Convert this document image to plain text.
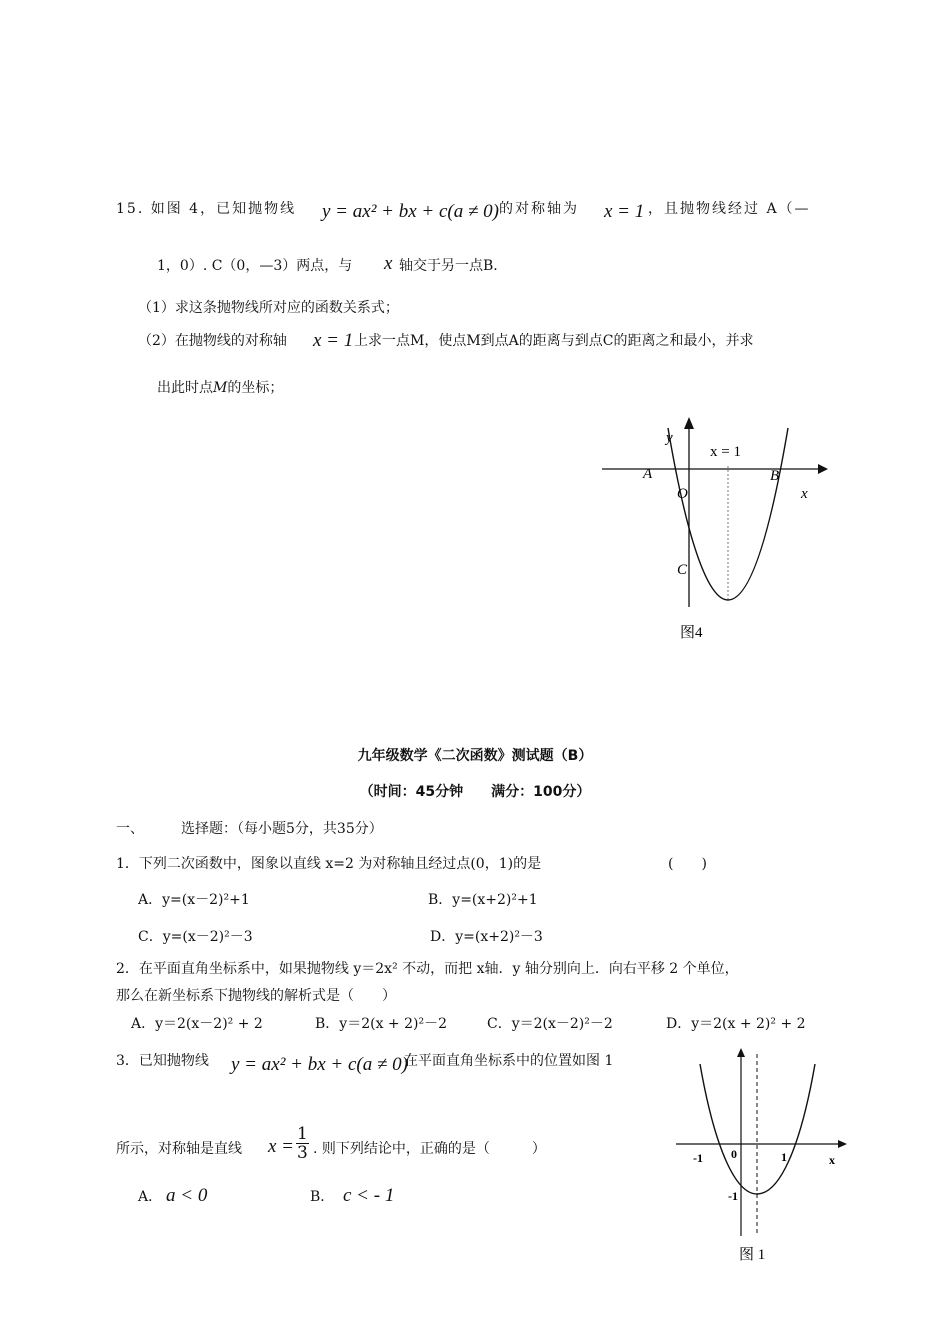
15. 如图 4，已知抛物线 y = ax² + bx + c(a ≠ 0) 的对称轴为 x = 1 ，且抛物线经过 A（—
1，0）. C（0，—3）两点，与 x 轴交于另一点B.
（1）求这条抛物线所对应的函数关系式；
（2）在抛物线的对称轴 x = 1 上求一点M，使点M到点A的距离与到点C的距离之和最小，并求
出此时点M的坐标；
y
x = 1
A	B
O	x
C
图4
九年级数学《二次函数》测试题（B）
（时间：45分钟　　满分：100分）
一、	选择题：（每小题5分，共35分）
1．下列二次函数中，图象以直线 x=2 为对称轴且经过点(0，1)的是	(　　)
A．y=(x－2)²+1	B．y=(x+2)²+1
C．y=(x－2)²－3	D．y=(x+2)²－3
2．在平面直角坐标系中，如果抛物线 y＝2x² 不动，而把 x轴．y 轴分别向上．向右平移 2 个单位，
那么在新坐标系下抛物线的解析式是（　　）
A．y＝2(x－2)² + 2	B．y＝2(x + 2)²－2	C．y＝2(x－2)²－2	D．y＝2(x + 2)² + 2
3．已知抛物线 y = ax² + bx + c(a ≠ 0)
在平面直角坐标系中的位置如图 1
所示，对称轴是直线 $x = \frac{1}{3}$ . 则下列结论中，正确的是（　　　）
A． a < 0	B． c < - 1
-1 0	1	x
-1
图 1
